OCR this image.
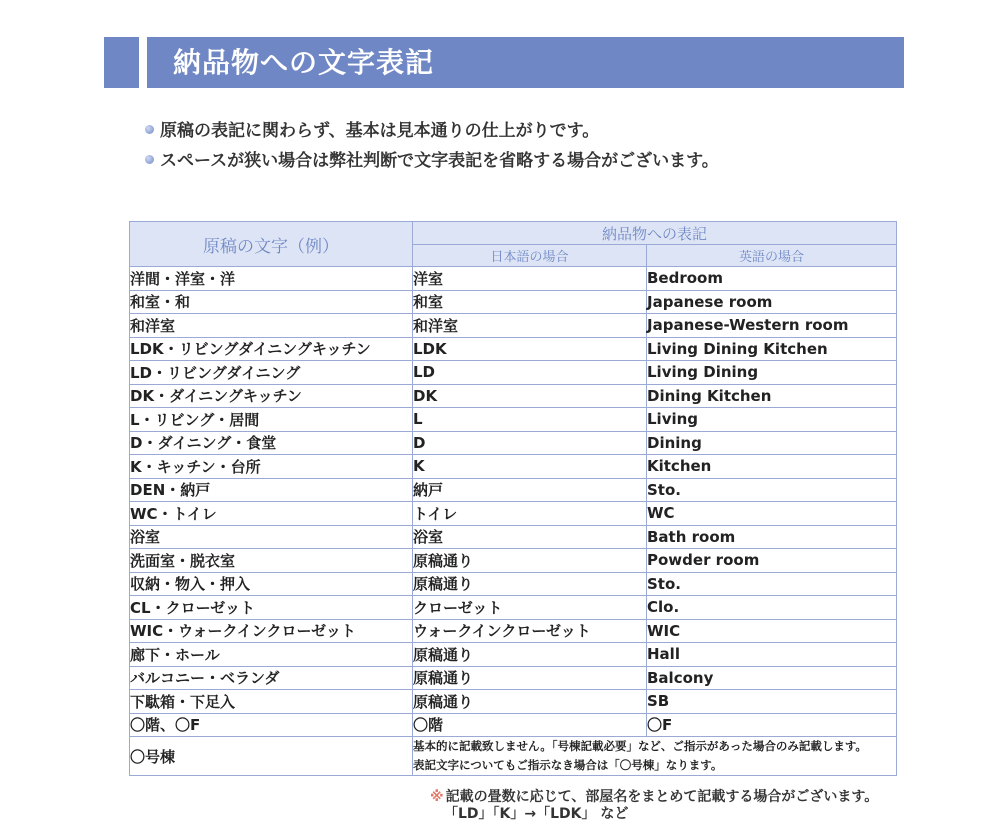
納品物への文字表記
原稿の表記に関わらず、基本は見本通りの仕上がりです。
スペースが狭い場合は弊社判断で文字表記を省略する場合がございます。
原稿の文字（例）	納品物への表記	
	日本語の場合	英語の場合
洋間・洋室・洋	洋室	Bedroom
和室・和	和室	Japanese room
和洋室	和洋室	Japanese-Western room
LDK・リビングダイニングキッチン	LDK	Living Dining Kitchen
LD・リビングダイニング	LD	Living Dining
DK・ダイニングキッチン	DK	Dining Kitchen
L・リビング・居間	L	Living
D・ダイニング・食堂	D	Dining
K・キッチン・台所	K	Kitchen
DEN・納戸	納戸	Sto.
WC・トイレ	トイレ	WC
浴室	浴室	Bath room
洗面室・脱衣室	原稿通り	Powder room
収納・物入・押入	原稿通り	Sto.
CL・クローゼット	クローゼット	Clo.
WIC・ウォークインクローゼット	ウォークインクローゼット	WIC
廊下・ホール	原稿通り	Hall
バルコニー・ベランダ	原稿通り	Balcony
下駄箱・下足入	原稿通り	SB
〇階、〇F	〇階	〇F
〇号棟	基本的に記載致しません。「号棟記載必要」など、ご指示があった場合のみ記載します。
表記文字についてもご指示なき場合は「〇号棟」なります。	
※ 記載の畳数に応じて、部屋名をまとめて記載する場合がございます。
「LD」「K」→「LDK」 など
